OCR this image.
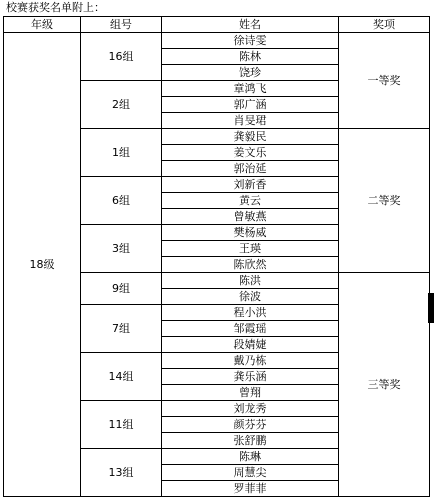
校赛获奖名单附上：
年级	组号	姓名	奖项
18级	16组	徐诗雯	一等奖
		陈林	
		饶珍	
	2组	章鸿飞	
		郭广涵	
		肖旻珺	
	1组	龚毅民	二等奖
		姜文乐	
		郭治延	
	6组	刘新香	
		黄云	
		曾敏燕	
	3组	樊杨威	
		王瑛	
		陈欣然	
	9组	陈洪	三等奖
		徐波	
	7组	程小洪	
		邹霞瑶	
		段婧婕	
	14组	戴乃栋	
		龚乐涵	
		曾翔	
	11组	刘龙秀	
		颜芬芬	
		张舒鹏	
	13组	陈琳	
		周慧尖	
		罗菲菲	
